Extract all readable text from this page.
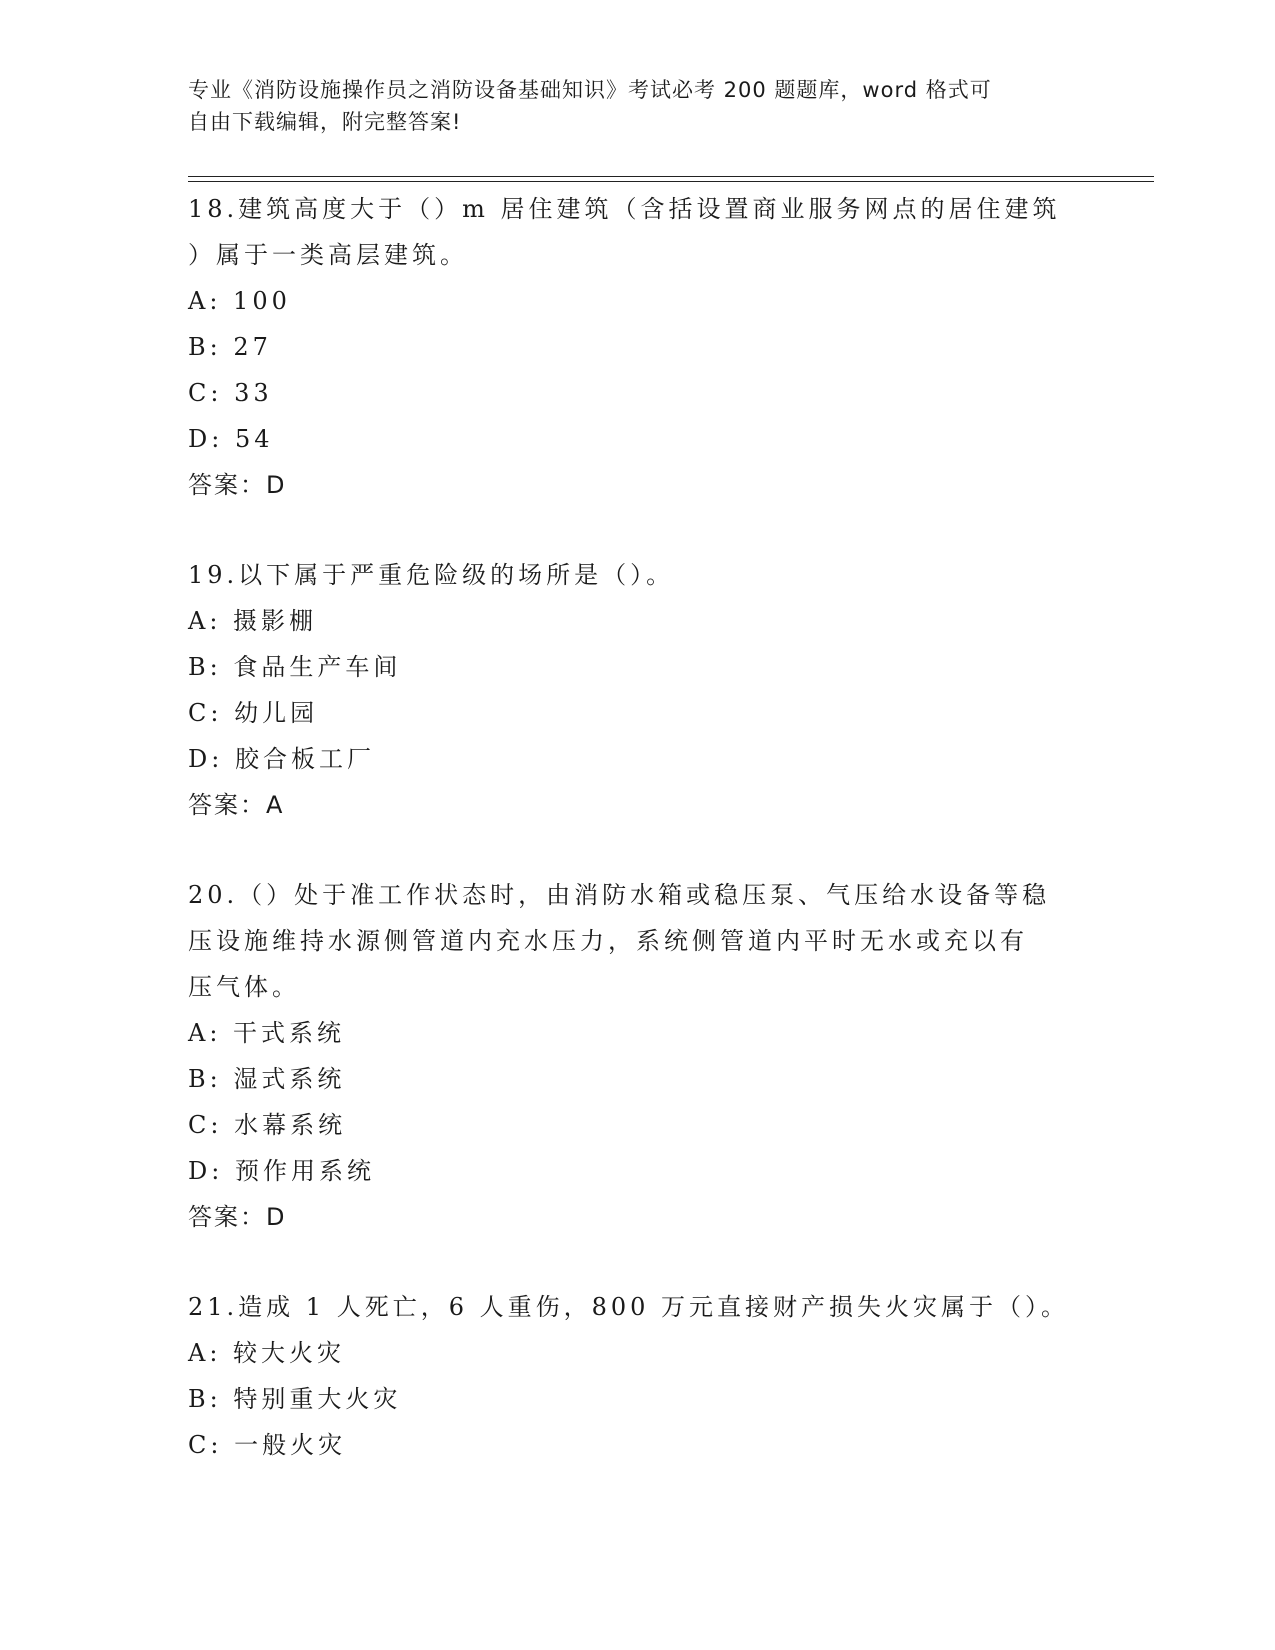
专业《消防设施操作员之消防设备基础知识》考试必考 200 题题库，word 格式可
自由下载编辑，附完整答案!
18.建筑高度大于（）m 居住建筑（含括设置商业服务网点的居住建筑
）属于一类高层建筑。
A: 100
B: 27
C: 33
D: 54
答案：D
19.以下属于严重危险级的场所是（）。
A: 摄影棚
B: 食品生产车间
C: 幼儿园
D: 胶合板工厂
答案：A
20.（）处于准工作状态时，由消防水箱或稳压泵、气压给水设备等稳
压设施维持水源侧管道内充水压力，系统侧管道内平时无水或充以有
压气体。
A: 干式系统
B: 湿式系统
C: 水幕系统
D: 预作用系统
答案：D
21.造成 1 人死亡，6 人重伤，800 万元直接财产损失火灾属于（）。
A: 较大火灾
B: 特别重大火灾
C: 一般火灾
